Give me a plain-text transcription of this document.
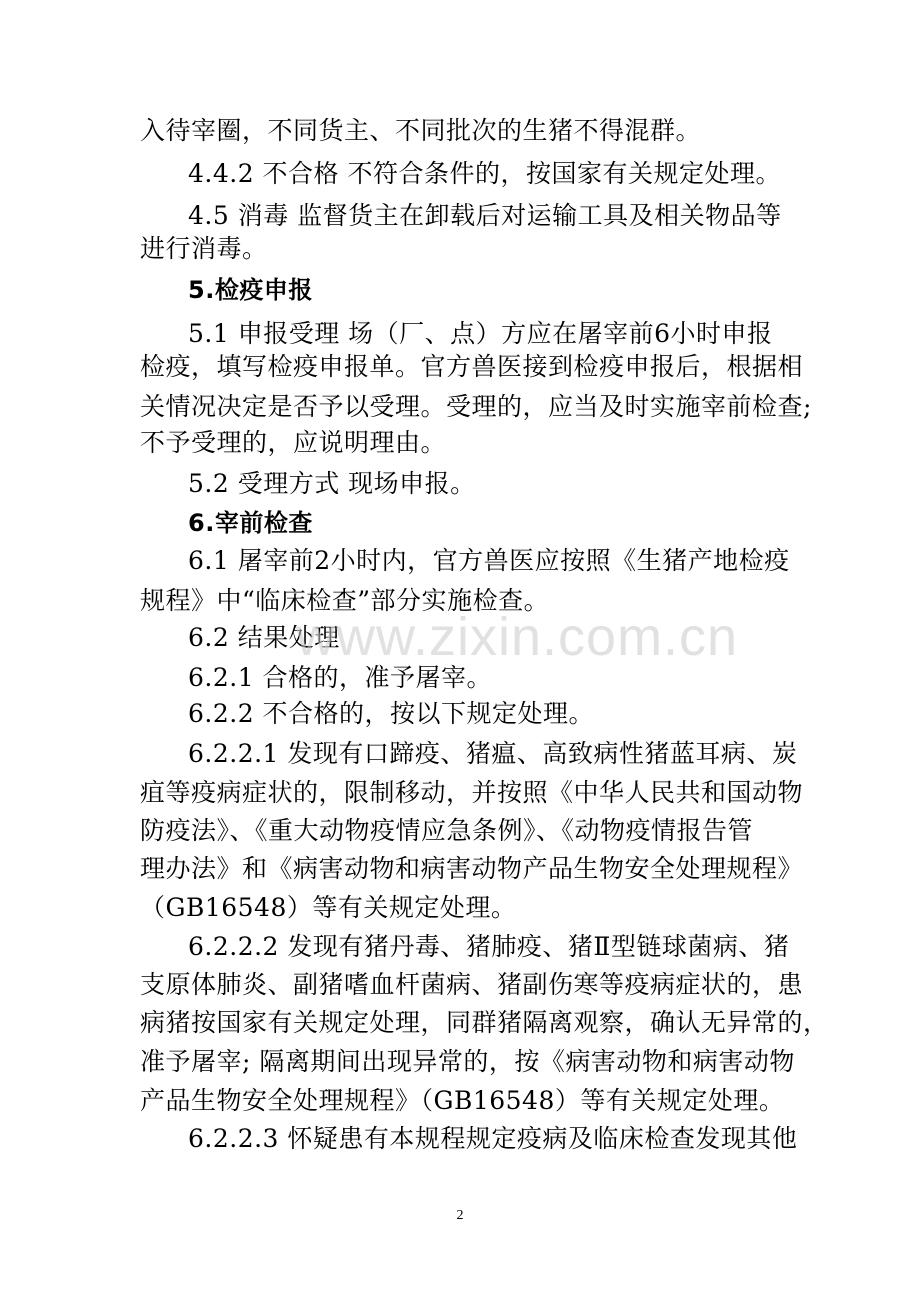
入待宰圈，不同货主、不同批次的生猪不得混群。

4.4.2 不合格 不符合条件的，按国家有关规定处理。

4.5 消毒 监督货主在卸载后对运输工具及相关物品等

进行消毒。

5.检疫申报

5.1 申报受理 场（厂、点）方应在屠宰前6小时申报

检疫，填写检疫申报单。官方兽医接到检疫申报后，根据相

关情况决定是否予以受理。受理的，应当及时实施宰前检查;

不予受理的，应说明理由。

5.2 受理方式 现场申报。

6.宰前检查

6.1 屠宰前2小时内，官方兽医应按照《生猪产地检疫

规程》中“临床检查”部分实施检查。

6.2 结果处理

6.2.1 合格的，准予屠宰。

6.2.2 不合格的，按以下规定处理。

6.2.2.1 发现有口蹄疫、猪瘟、高致病性猪蓝耳病、炭

疽等疫病症状的，限制移动，并按照《中华人民共和国动物

防疫法》、《重大动物疫情应急条例》、《动物疫情报告管

理办法》和《病害动物和病害动物产品生物安全处理规程》

（GB16548）等有关规定处理。

6.2.2.2 发现有猪丹毒、猪肺疫、猪Ⅱ型链球菌病、猪

支原体肺炎、副猪嗜血杆菌病、猪副伤寒等疫病症状的，患

病猪按国家有关规定处理，同群猪隔离观察，确认无异常的，

准予屠宰; 隔离期间出现异常的，按《病害动物和病害动物

产品生物安全处理规程》（GB16548）等有关规定处理。

6.2.2.3 怀疑患有本规程规定疫病及临床检查发现其他

www.zixin.com.cn
2
